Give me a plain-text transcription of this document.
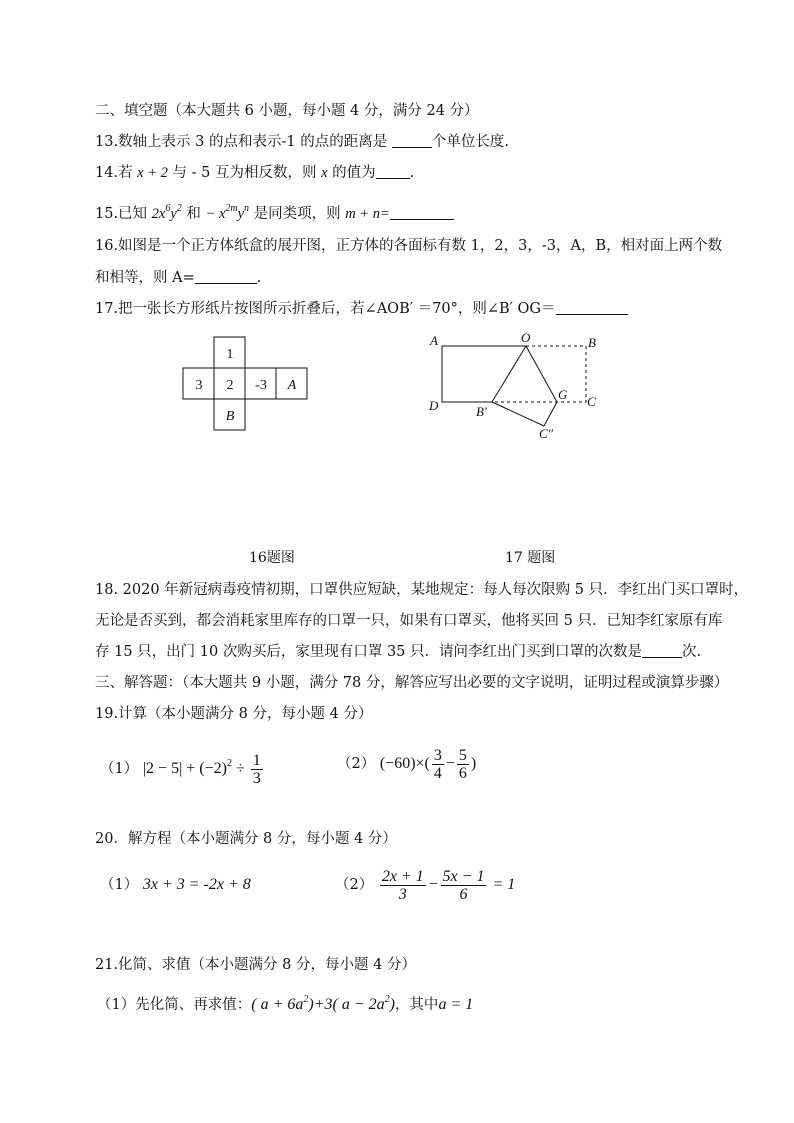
二、填空题（本大题共 6 小题，每小题 4 分，满分 24 分）
13.数轴上表示 3 的点和表示-1 的点的距离是	个单位长度.
14.若 x + 2 与 - 5 互为相反数，则 x 的值为 .
15.已知 $2x^6y^2$ 和 − $x^{2m}y^n$ 是同类项，则 m + n=
16.如图是一个正方体纸盒的展开图，正方体的各面标有数 1，2，3，-3，A，B，相对面上两个数
和相等，则 A=	.
17.把一张长方形纸片按图所示折叠后，若∠AOB′ ＝70°，则∠B′ OG＝
1
3 2 -3 A
B
A	O	B
D	B′
G C
C″
16题图	17 题图
18. 2020 年新冠病毒疫情初期，口罩供应短缺，某地规定：每人每次限购 5 只．李红出门买口罩时，
无论是否买到，都会消耗家里库存的口罩一只，如果有口罩买，他将买回 5 只．已知李红家原有库
存 15 只，出门 10 次购买后，家里现有口罩 35 只．请问李红出门买到口罩的次数是	次.
三、解答题：（本大题共 9 小题，满分 78 分，解答应写出必要的文字说明，证明过程或演算步骤）
19.计算（本小题满分 8 分，每小题 4 分）
（1） $|2 - 5| + (-2)^2 \div \frac{1}{3}$	（2） $(-60)\times( \frac{3}{4} - \frac{5}{6}$ )
20．解方程（本小题满分 8 分，每小题 4 分）
（1） 3x + 3 = -2x + 8	$(2) \frac{2x + 1}{3} - \frac{5x - 1}{6} = 1$
21.化简、求值（本小题满分 8 分，每小题 4 分）
（1）先化简、再求值：( $a + 6a^2)+3$( $a - 2a^2$)，其中a = 1
